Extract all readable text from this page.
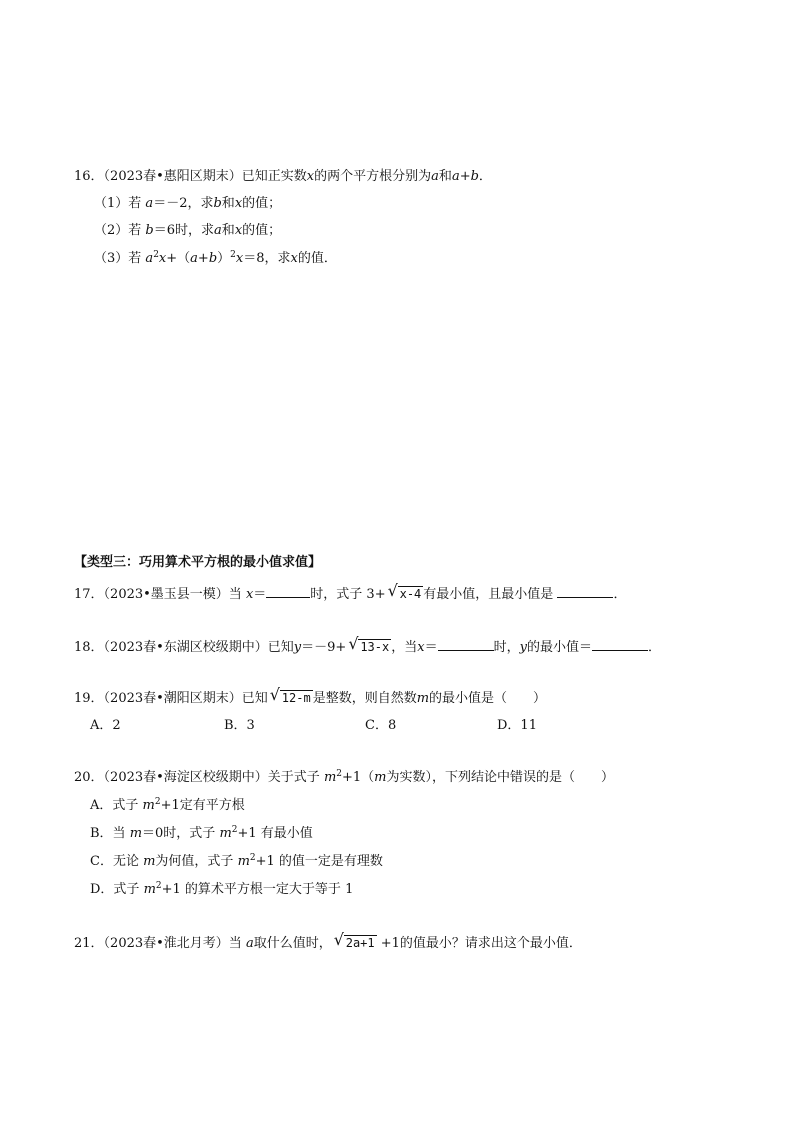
16．（2023春•惠阳区期末）已知正实数x的两个平方根分别为a和a+b．
（1）若 a＝－2，求b和x的值；
（2）若 b＝6时，求a和x的值；
（3）若 $a^2x+(a+b)^2x=8$，求x的值．
【类型三：巧用算术平方根的最小值求值】
17．（2023•墨玉县一模）当 x＝	时，式子 3+ √ x-4 有最小值，且最小值是	．
18．（2023春•东湖区校级期中）已知y＝－9+ √ 13-x ，当x＝	时，y的最小值＝	．
19．（2023春•潮阳区期末）已知 √ 12-m 是整数，则自然数m的最小值是（　　）
A．2	B．3	C．8	D．11
20．（2023春•海淀区校级期中）关于式子 $m^2+1(m$为实数），下列结论中错误的是（　　）
A．式子 $m^2+1$定有平方根
B．当 m＝0时，式子 $m^2+1$ 有最小值
C．无论 m为何值，式子 $m^2+1$ 的值一定是有理数
D．式子 $m^2+1$ 的算术平方根一定大于等于 1
21．（2023春•淮北月考）当 a取什么值时， √ 2a+1 +1的值最小？请求出这个最小值．
